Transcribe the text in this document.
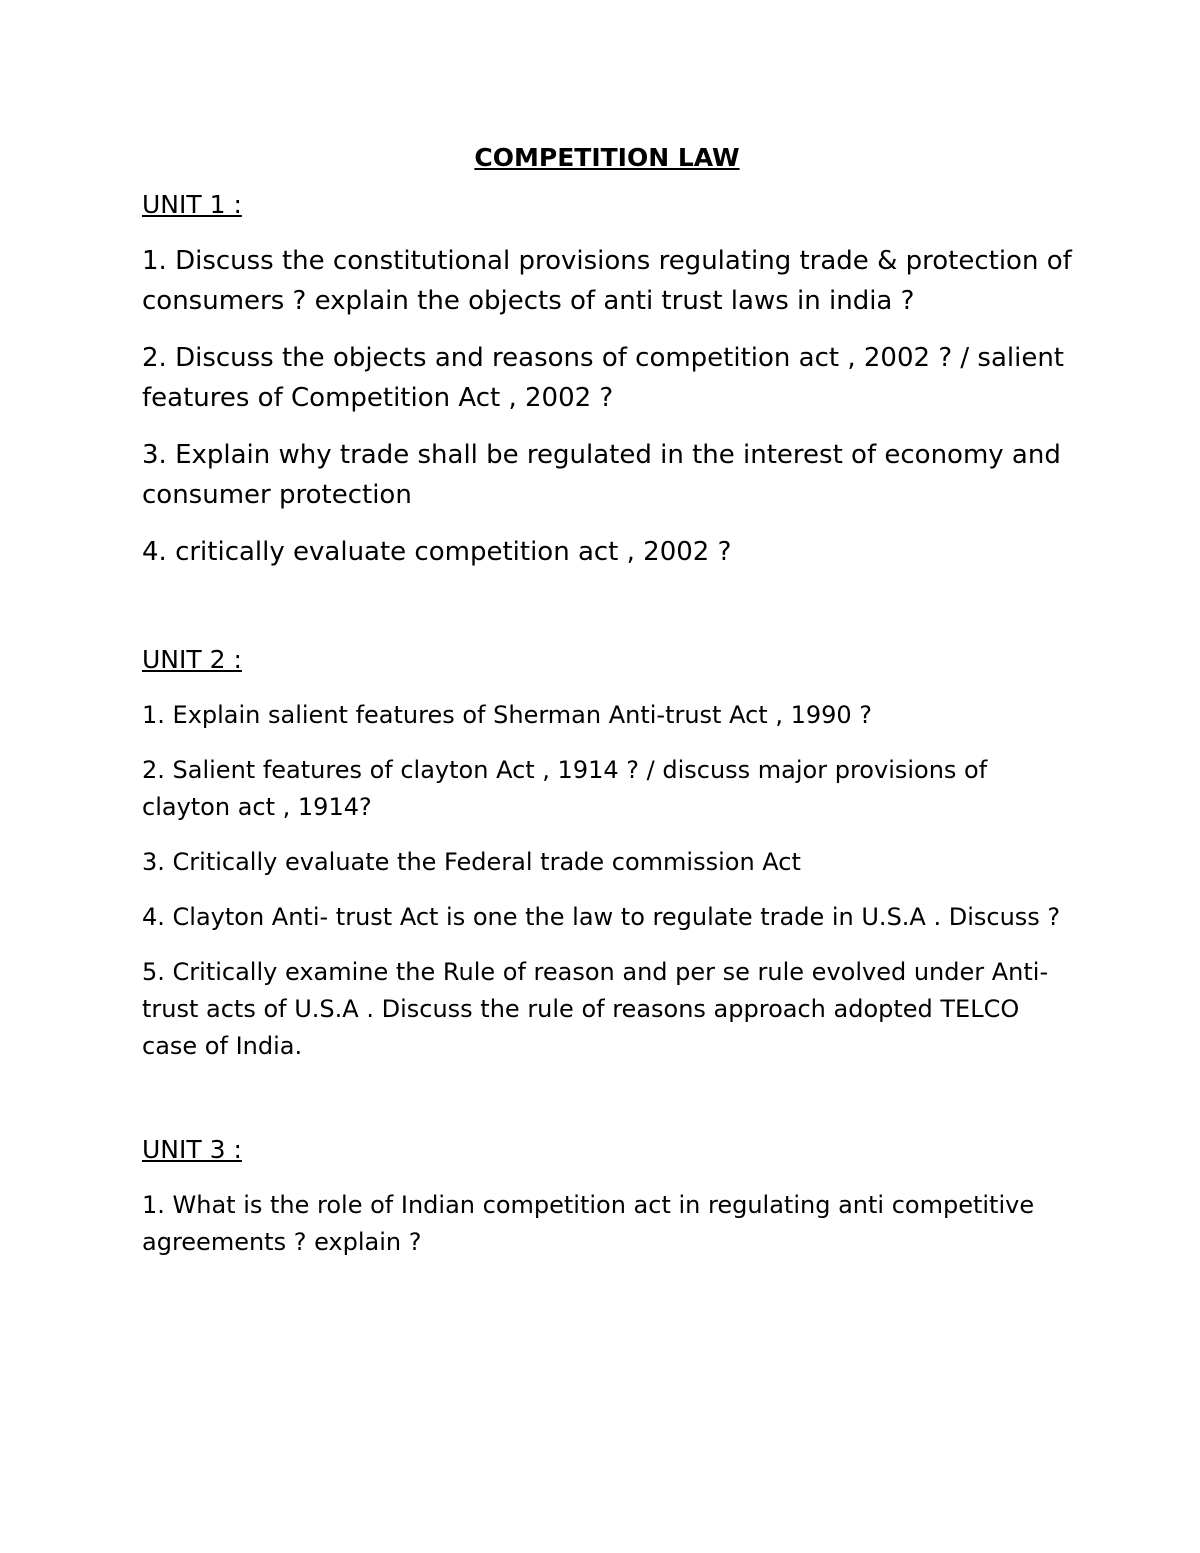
COMPETITION LAW
UNIT 1 :

1. Discuss the constitutional provisions regulating trade & protection of consumers ? explain the objects of anti trust laws in india ?

2. Discuss the objects and reasons of competition act , 2002 ? / salient features of Competition Act , 2002 ?

3. Explain why trade shall be regulated in the interest of economy and consumer protection

4. critically evaluate competition act , 2002 ?

UNIT 2 :

1. Explain salient features of Sherman Anti-trust Act , 1990 ?

2. Salient features of clayton Act , 1914 ? / discuss major provisions of clayton act , 1914?

3. Critically evaluate the Federal trade commission Act

4. Clayton Anti- trust Act is one the law to regulate trade in U.S.A . Discuss ?

5. Critically examine the Rule of reason and per se rule evolved under Anti-trust acts of U.S.A . Discuss the rule of reasons approach adopted TELCO case of India.

UNIT 3 :

1. What is the role of Indian competition act in regulating anti competitive agreements ? explain ?
